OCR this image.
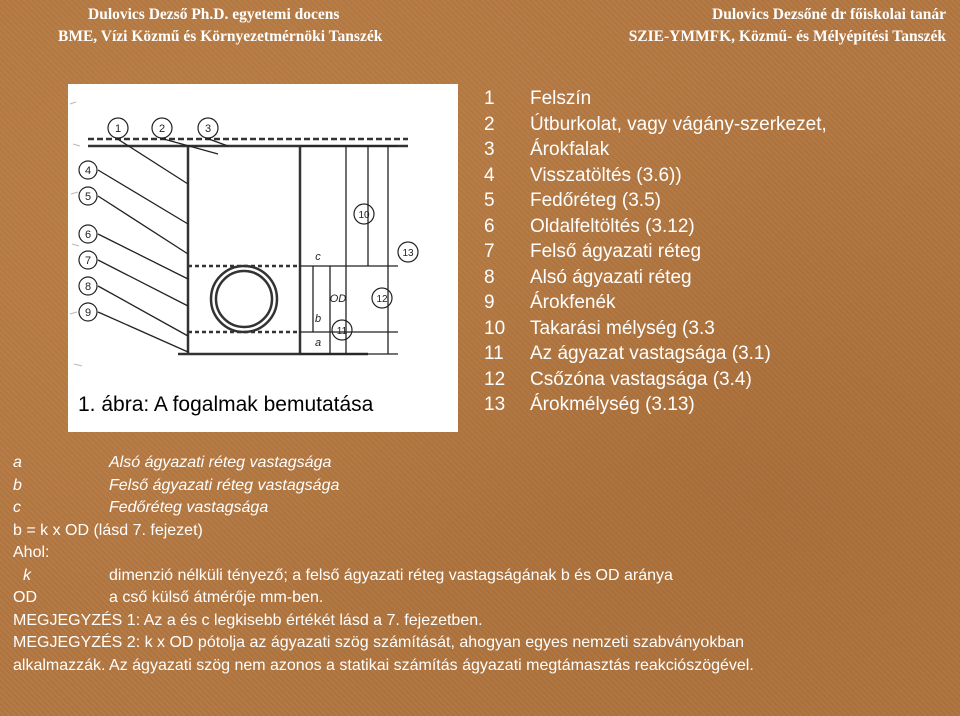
Dulovics Dezső Ph.D. egyetemi docens
BME, Vízi Közmű és Környezetmérnöki Tanszék
Dulovics Dezsőné dr főiskolai tanár
SZIE-YMMFK, Közmű- és Mélyépítési Tanszék
1	2	3
4
5
6
7
8
9
10
11
12
13
c
b
a
OD
1. ábra: A fogalmak bemutatása
1 Felszín
2 Útburkolat, vagy vágány-szerkezet,
3 Árokfalak
4 Visszatöltés (3.6))
5 Fedőréteg (3.5)
6 Oldalfeltöltés (3.12)
7 Felső ágyazati réteg
8 Alsó ágyazati réteg
9 Árokfenék
10 Takarási mélység (3.3
11 Az ágyazat vastagsága (3.1)
12 Csőzóna vastagsága (3.4)
13 Árokmélység (3.13)
a	Alsó ágyazati réteg vastagsága
b	Felső ágyazati réteg vastagsága
c	Fedőréteg vastagsága
b = k x OD (lásd 7. fejezet)
Ahol:
k	dimenzió nélküli tényező; a felső ágyazati réteg vastagságának b és OD aránya
OD	a cső külső átmérője mm-ben.
MEGJEGYZÉS 1: Az a és c legkisebb értékét lásd a 7. fejezetben.
MEGJEGYZÉS 2: k x OD pótolja az ágyazati szög számítását, ahogyan egyes nemzeti szabványokban
alkalmazzák. Az ágyazati szög nem azonos a statikai számítás ágyazati megtámasztás reakciószögével.
